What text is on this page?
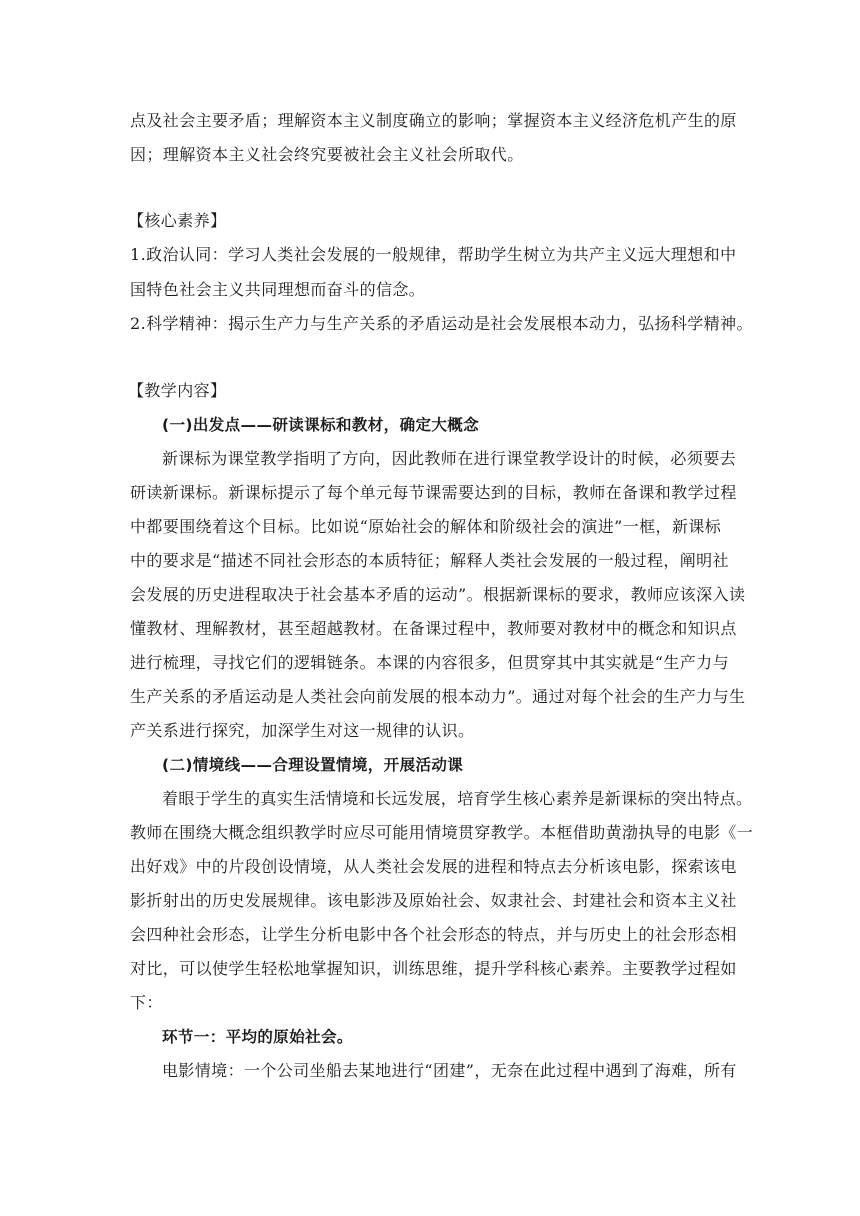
点及社会主要矛盾；理解资本主义制度确立的影响；掌握资本主义经济危机产生的原
因；理解资本主义社会终究要被社会主义社会所取代。
【核心素养】
1.政治认同：学习人类社会发展的一般规律，帮助学生树立为共产主义远大理想和中
国特色社会主义共同理想而奋斗的信念。
2.科学精神：揭示生产力与生产关系的矛盾运动是社会发展根本动力，弘扬科学精神。
【教学内容】
(一)出发点——研读课标和教材，确定大概念
新课标为课堂教学指明了方向，因此教师在进行课堂教学设计的时候，必须要去
研读新课标。新课标提示了每个单元每节课需要达到的目标，教师在备课和教学过程
中都要围绕着这个目标。比如说“原始社会的解体和阶级社会的演进”一框，新课标
中的要求是“描述不同社会形态的本质特征；解释人类社会发展的一般过程，阐明社
会发展的历史进程取决于社会基本矛盾的运动”。根据新课标的要求，教师应该深入读
懂教材、理解教材，甚至超越教材。在备课过程中，教师要对教材中的概念和知识点
进行梳理，寻找它们的逻辑链条。本课的内容很多，但贯穿其中其实就是“生产力与
生产关系的矛盾运动是人类社会向前发展的根本动力”。通过对每个社会的生产力与生
产关系进行探究，加深学生对这一规律的认识。
(二)情境线——合理设置情境，开展活动课
着眼于学生的真实生活情境和长远发展，培育学生核心素养是新课标的突出特点。
教师在围绕大概念组织教学时应尽可能用情境贯穿教学。本框借助黄渤执导的电影《一
出好戏》中的片段创设情境，从人类社会发展的进程和特点去分析该电影，探索该电
影折射出的历史发展规律。该电影涉及原始社会、奴隶社会、封建社会和资本主义社
会四种社会形态，让学生分析电影中各个社会形态的特点，并与历史上的社会形态相
对比，可以使学生轻松地掌握知识，训练思维，提升学科核心素养。主要教学过程如
下：
环节一：平均的原始社会。
电影情境：一个公司坐船去某地进行“团建”，无奈在此过程中遇到了海难，所有
